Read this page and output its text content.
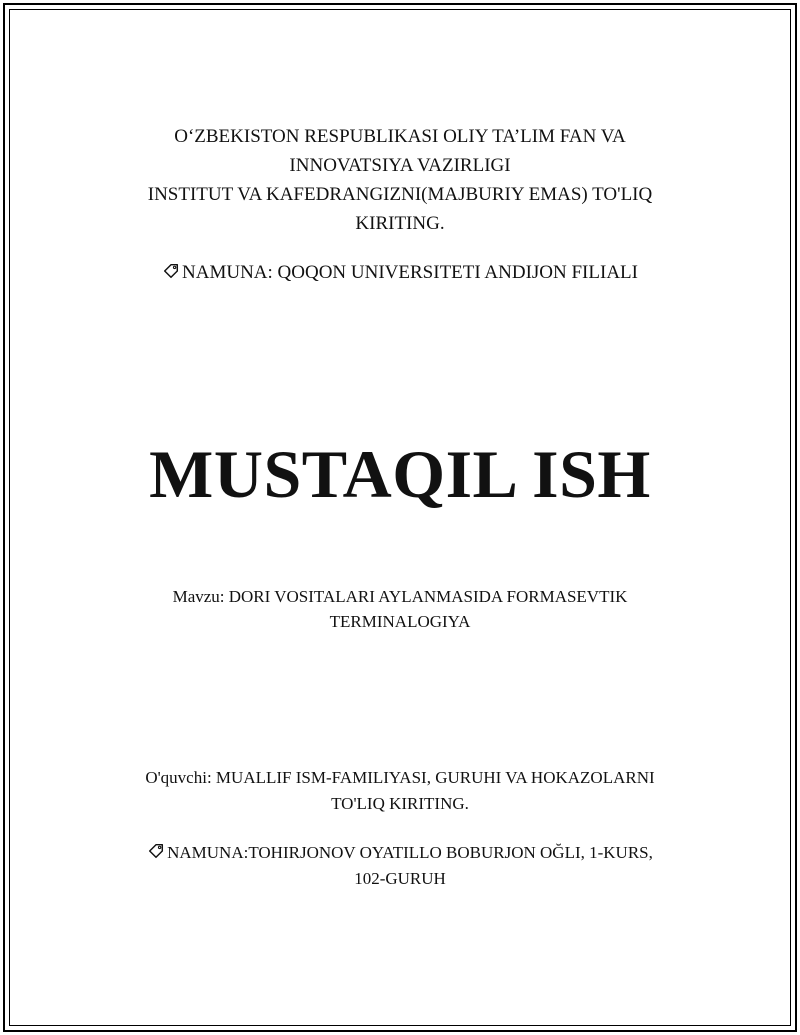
O‘ZBEKISTON RESPUBLIKASI OLIY TA’LIM FAN VA
INNOVATSIYA VAZIRLIGI
INSTITUT VA KAFEDRANGIZNI(MAJBURIY EMAS) TO'LIQ
KIRITING.
NAMUNA: QOQON UNIVERSITETI ANDIJON FILIALI
MUSTAQIL ISH
Mavzu: DORI VOSITALARI AYLANMASIDA FORMASEVTIK
TERMINALOGIYA
O'quvchi: MUALLIF ISM-FAMILIYASI, GURUHI VA HOKAZOLARNI
TO'LIQ KIRITING.
NAMUNA:TOHIRJONOV OYATILLO BOBURJON OĞLI, 1-KURS,
102-GURUH
